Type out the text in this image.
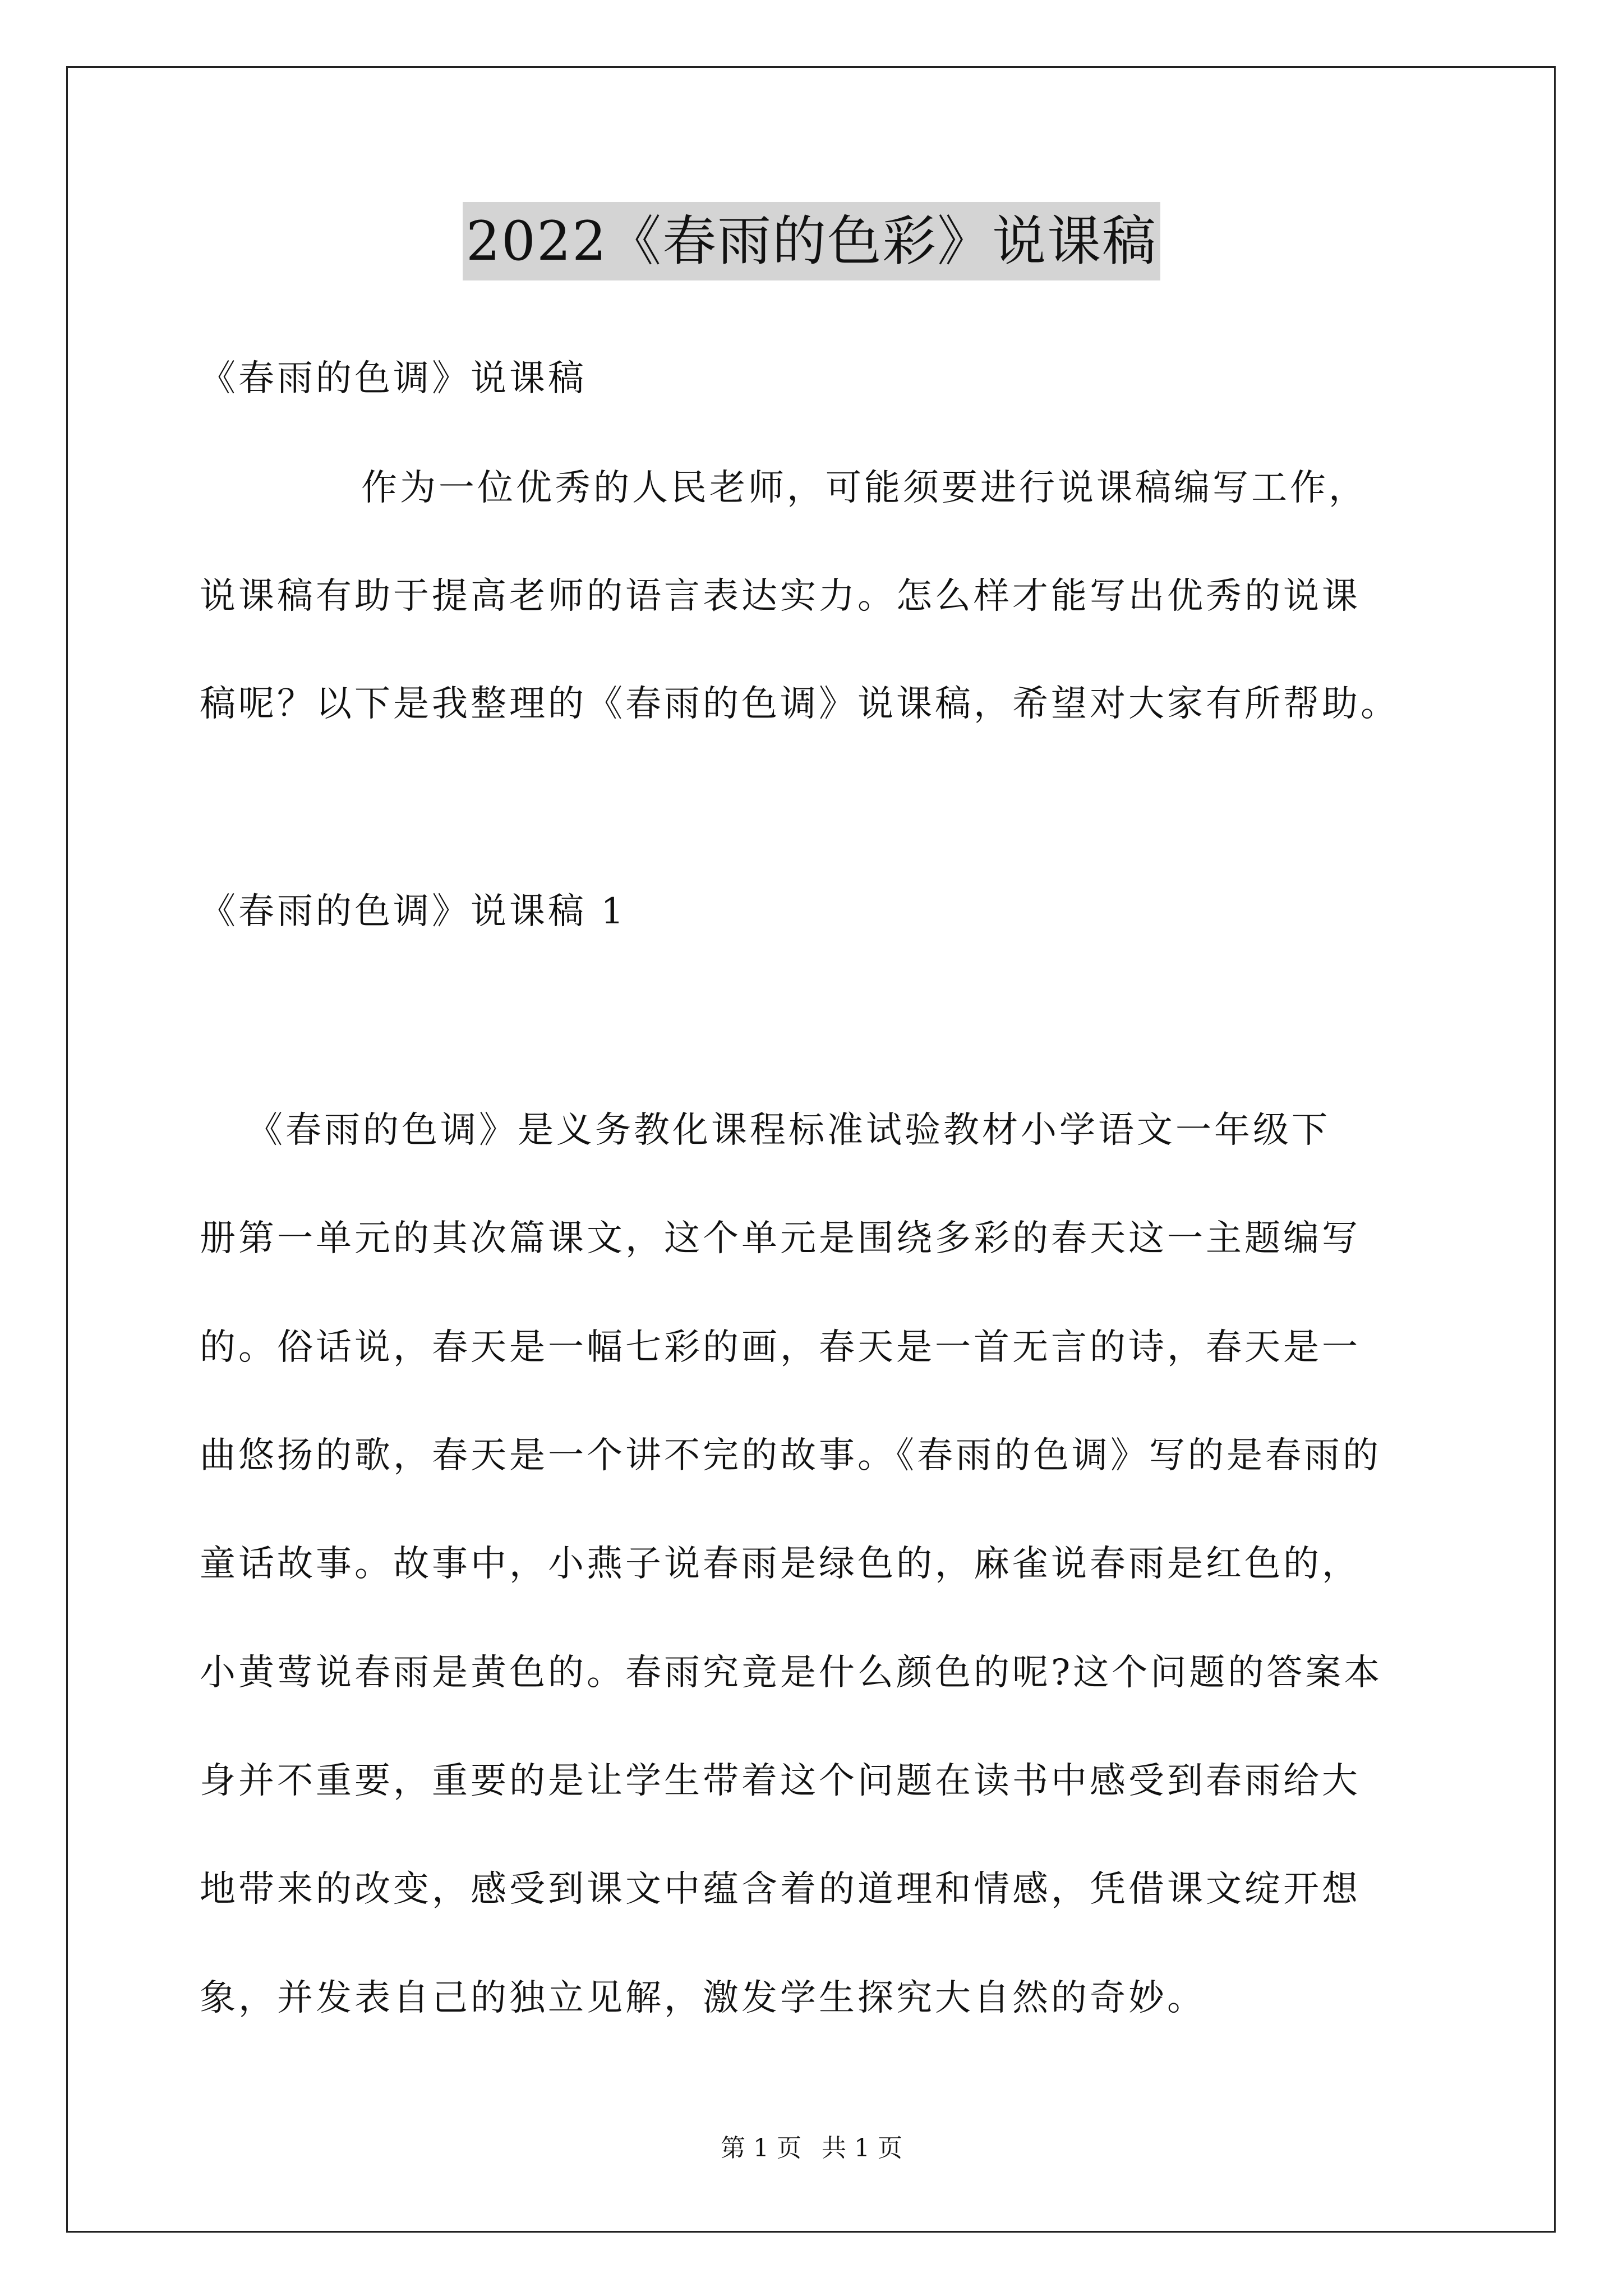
2022《春雨的色彩》说课稿
《春雨的色调》说课稿
作为一位优秀的人民老师，可能须要进行说课稿编写工作，
说课稿有助于提高老师的语言表达实力。怎么样才能写出优秀的说课
稿呢？以下是我整理的《春雨的色调》说课稿，希望对大家有所帮助。
《春雨的色调》说课稿 1
《春雨的色调》是义务教化课程标准试验教材小学语文一年级下
册第一单元的其次篇课文，这个单元是围绕多彩的春天这一主题编写
的。俗话说，春天是一幅七彩的画，春天是一首无言的诗，春天是一
曲悠扬的歌，春天是一个讲不完的故事。《春雨的色调》写的是春雨的
童话故事。故事中，小燕子说春雨是绿色的，麻雀说春雨是红色的，
小黄莺说春雨是黄色的。春雨究竟是什么颜色的呢?这个问题的答案本
身并不重要，重要的是让学生带着这个问题在读书中感受到春雨给大
地带来的改变，感受到课文中蕴含着的道理和情感，凭借课文绽开想
象，并发表自己的独立见解，激发学生探究大自然的奇妙。
第 1 页 共 1 页
